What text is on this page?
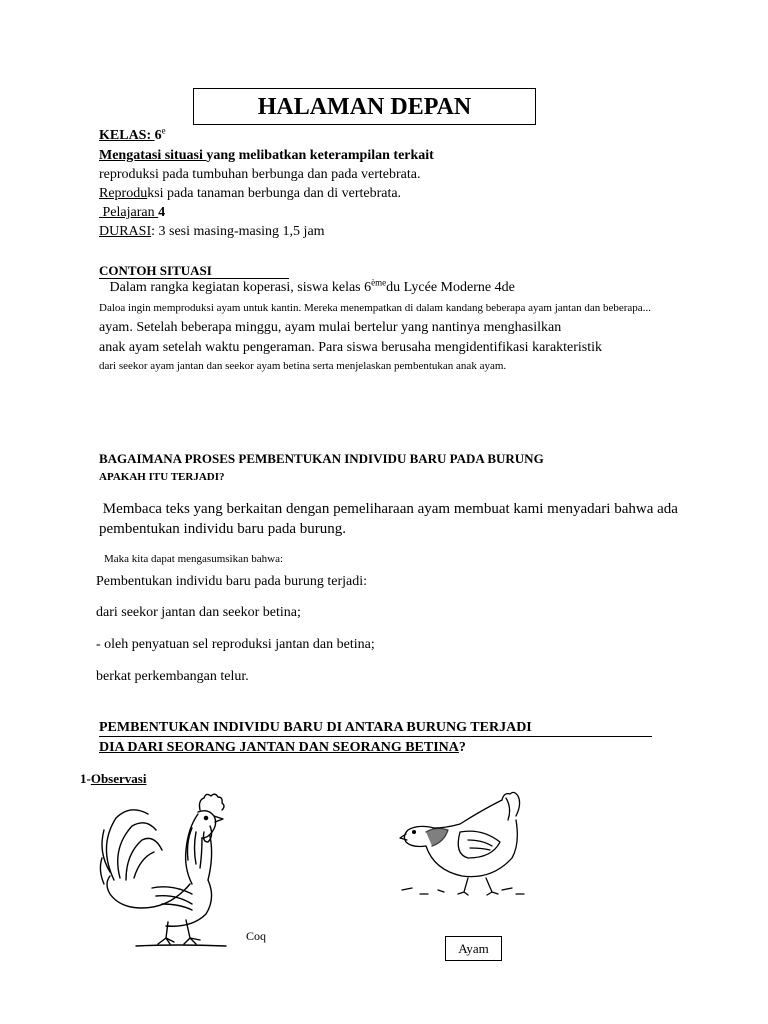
HALAMAN DEPAN
KELAS: 6e
Mengatasi situasi yang melibatkan keterampilan terkait
reproduksi pada tumbuhan berbunga dan pada vertebrata.
Reproduksi pada tanaman berbunga dan di vertebrata.
Pelajaran 4
DURASI: 3 sesi masing-masing 1,5 jam
CONTOH SITUASI
Dalam rangka kegiatan koperasi, siswa kelas 6èmedu Lycée Moderne 4de
Daloa ingin memproduksi ayam untuk kantin. Mereka menempatkan di dalam kandang beberapa ayam jantan dan beberapa...
ayam. Setelah beberapa minggu, ayam mulai bertelur yang nantinya menghasilkan
anak ayam setelah waktu pengeraman. Para siswa berusaha mengidentifikasi karakteristik
dari seekor ayam jantan dan seekor ayam betina serta menjelaskan pembentukan anak ayam.
BAGAIMANA PROSES PEMBENTUKAN INDIVIDU BARU PADA BURUNG
APAKAH ITU TERJADI?
Membaca teks yang berkaitan dengan pemeliharaan ayam membuat kami menyadari bahwa ada
pembentukan individu baru pada burung.
Maka kita dapat mengasumsikan bahwa:
Pembentukan individu baru pada burung terjadi:
dari seekor jantan dan seekor betina;
- oleh penyatuan sel reproduksi jantan dan betina;
berkat perkembangan telur.
PEMBENTUKAN INDIVIDU BARU DI ANTARA BURUNG TERJADI
DIA DARI SEORANG JANTAN DAN SEORANG BETINA?
1-Observasi
Coq
Ayam
